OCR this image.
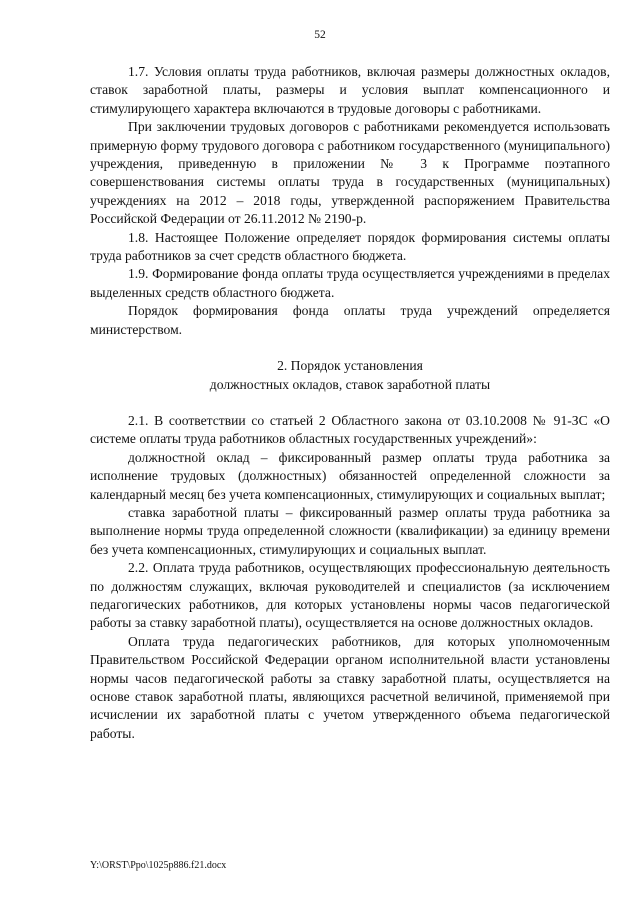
52

1.7. Условия оплаты труда работников, включая размеры должностных окладов, ставок заработной платы, размеры и условия выплат компенсационного и стимулирующего характера включаются в трудовые договоры с работниками.

При заключении трудовых договоров с работниками рекомендуется использовать примерную форму трудового договора с работником государственного (муниципального) учреждения, приведенную в приложении № 3 к Программе поэтапного совершенствования системы оплаты труда в государственных (муниципальных) учреждениях на 2012 – 2018 годы, утвержденной распоряжением Правительства Российской Федерации от 26.11.2012 № 2190-р.

1.8. Настоящее Положение определяет порядок формирования системы оплаты труда работников за счет средств областного бюджета.

1.9. Формирование фонда оплаты труда осуществляется учреждениями в пределах выделенных средств областного бюджета.

Порядок формирования фонда оплаты труда учреждений определяется министерством.

2. Порядок установления

должностных окладов, ставок заработной платы

2.1. В соответствии со статьей 2 Областного закона от 03.10.2008 № 91-ЗС «О системе оплаты труда работников областных государственных учреждений»:

должностной оклад – фиксированный размер оплаты труда работника за исполнение трудовых (должностных) обязанностей определенной сложности за календарный месяц без учета компенсационных, стимулирующих и социальных выплат;

ставка заработной платы – фиксированный размер оплаты труда работника за выполнение нормы труда определенной сложности (квалификации) за единицу времени без учета компенсационных, стимулирующих и социальных выплат.

2.2. Оплата труда работников, осуществляющих профессиональную деятельность по должностям служащих, включая руководителей и специалистов (за исключением педагогических работников, для которых установлены нормы часов педагогической работы за ставку заработной платы), осуществляется на основе должностных окладов.

Оплата труда педагогических работников, для которых уполномоченным Правительством Российской Федерации органом исполнительной власти установлены нормы часов педагогической работы за ставку заработной платы, осуществляется на основе ставок заработной платы, являющихся расчетной величиной, применяемой при исчислении их заработной платы с учетом утвержденного объема педагогической работы.

Y:\ORST\Ppo\1025p886.f21.docx
